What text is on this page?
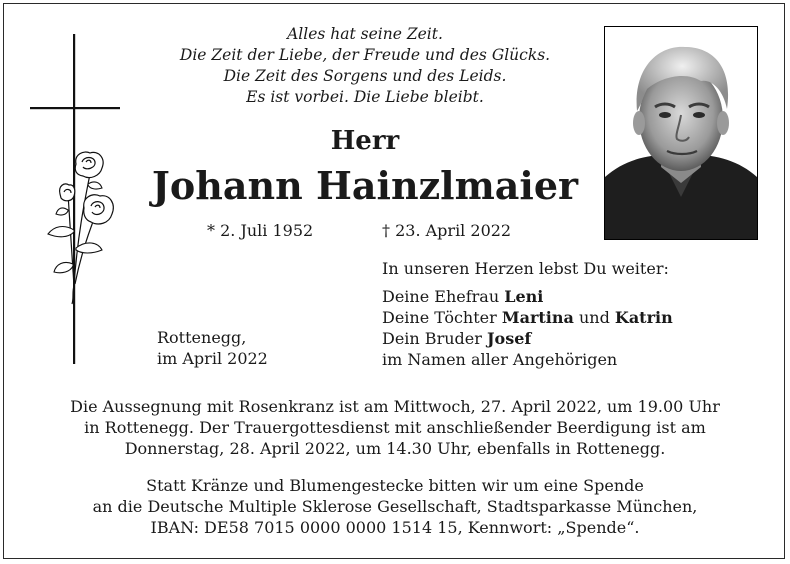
Alles hat seine Zeit.
Die Zeit der Liebe, der Freude und des Glücks.
Die Zeit des Sorgens und des Leids.
Es ist vorbei. Die Liebe bleibt.
Herr
Johann Hainzlmaier
* 2. Juli 1952	† 23. April 2022
In unseren Herzen lebst Du weiter:
Deine Ehefrau Leni
Deine Töchter Martina und Katrin
Dein Bruder Josef
im Namen aller Angehörigen
Rottenegg,
im April 2022
Die Aussegnung mit Rosenkranz ist am Mittwoch, 27. April 2022, um 19.00 Uhr
in Rottenegg. Der Trauergottesdienst mit anschließender Beerdigung ist am
Donnerstag, 28. April 2022, um 14.30 Uhr, ebenfalls in Rottenegg.
Statt Kränze und Blumengestecke bitten wir um eine Spende
an die Deutsche Multiple Sklerose Gesellschaft, Stadtsparkasse München,
IBAN: DE58 7015 0000 0000 1514 15, Kennwort: „Spende“.
